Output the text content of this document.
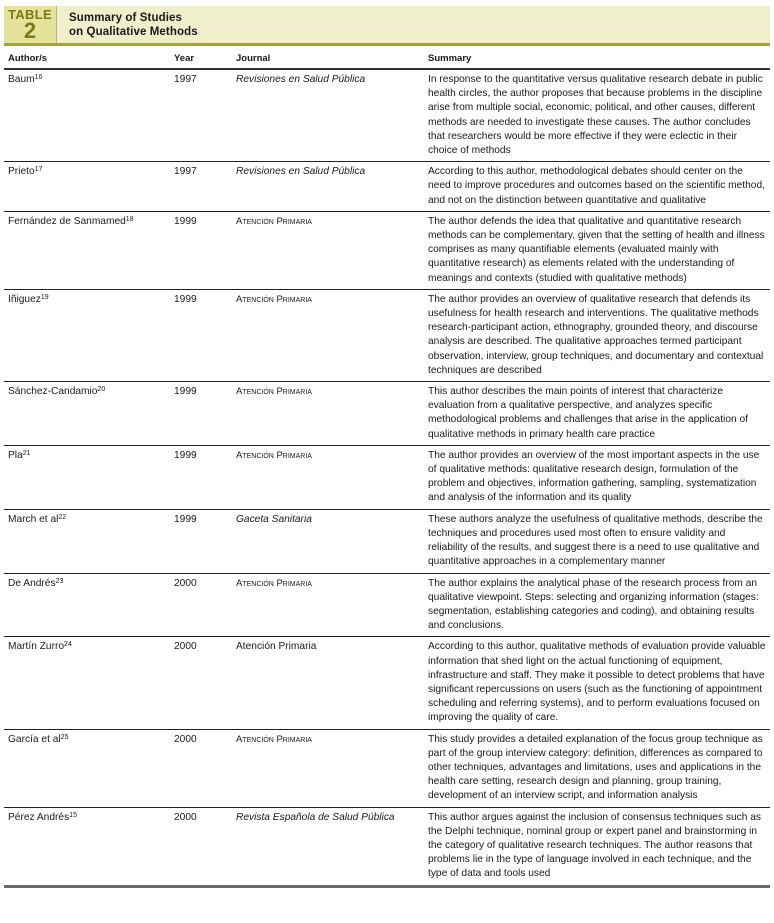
TABLE
2
Summary of Studies
on Qualitative Methods
Author/s	Year	Journal	Summary
Baum$^{16}$	1997	Revisiones en Salud Pública	In response to the quantitative versus qualitative research debate in public health circles, the author proposes that because problems in the discipline arise from multiple social, economic, political, and other causes, different methods are needed to investigate these causes. The author concludes that researchers would be more effective if they were eclectic in their choice of methods
Prieto$^{17}$	1997	Revisiones en Salud Pública	According to this author, methodological debates should center on the need to improve procedures and outcomes based on the scientific method, and not on the distinction between quantitative and qualitative
Fernández de Sanmamed$^{18}$	1999	Atención Primaria	The author defends the idea that qualitative and quantitative research methods can be complementary, given that the setting of health and illness comprises as many quantifiable elements (evaluated mainly with quantitative research) as elements related with the understanding of meanings and contexts (studied with qualitative methods)
Iñiguez$^{19}$	1999	Atención Primaria	The author provides an overview of qualitative research that defends its usefulness for health research and interventions. The qualitative methods research-participant action, ethnography, grounded theory, and discourse analysis are described. The qualitative approaches termed participant observation, interview, group techniques, and documentary and contextual techniques are described
Sánchez-Candamio$^{20}$	1999	Atención Primaria	This author describes the main points of interest that characterize evaluation from a qualitative perspective, and analyzes specific methodological problems and challenges that arise in the application of qualitative methods in primary health care practice
Pla$^{21}$	1999	Atención Primaria	The author provides an overview of the most important aspects in the use of qualitative methods: qualitative research design, formulation of the problem and objectives, information gathering, sampling, systematization and analysis of the information and its quality
March et $al^{22}$	1999	Gaceta Sanitaria	These authors analyze the usefulness of qualitative methods, describe the techniques and procedures used most often to ensure validity and reliability of the results, and suggest there is a need to use qualitative and quantitative approaches in a complementary manner
De Andrés$^{23}$	2000	Atención Primaria	The author explains the analytical phase of the research process from an qualitative viewpoint. Steps: selecting and organizing information (stages: segmentation, establishing categories and coding), and obtaining results and conclusions.
Martín Zurro$^{24}$	2000	Atención Primaria	According to this author, qualitative methods of evaluation provide valuable information that shed light on the actual functioning of equipment, infrastructure and staff. They make it possible to detect problems that have significant repercussions on users (such as the functioning of appointment scheduling and referring systems), and to perform evaluations focused on improving the quality of care.
García et $al^{25}$	2000	Atención Primaria	This study provides a detailed explanation of the focus group technique as part of the group interview category: definition, differences as compared to other techniques, advantages and limitations, uses and applications in the health care setting, research design and planning, group training, development of an interview script, and information analysis
Pérez Andrés$^{15}$	2000	Revista Española de Salud Pública	This author argues against the inclusion of consensus techniques such as the Delphi technique, nominal group or expert panel and brainstorming in the category of qualitative research techniques. The author reasons that problems lie in the type of language involved in each technique, and the type of data and tools used
